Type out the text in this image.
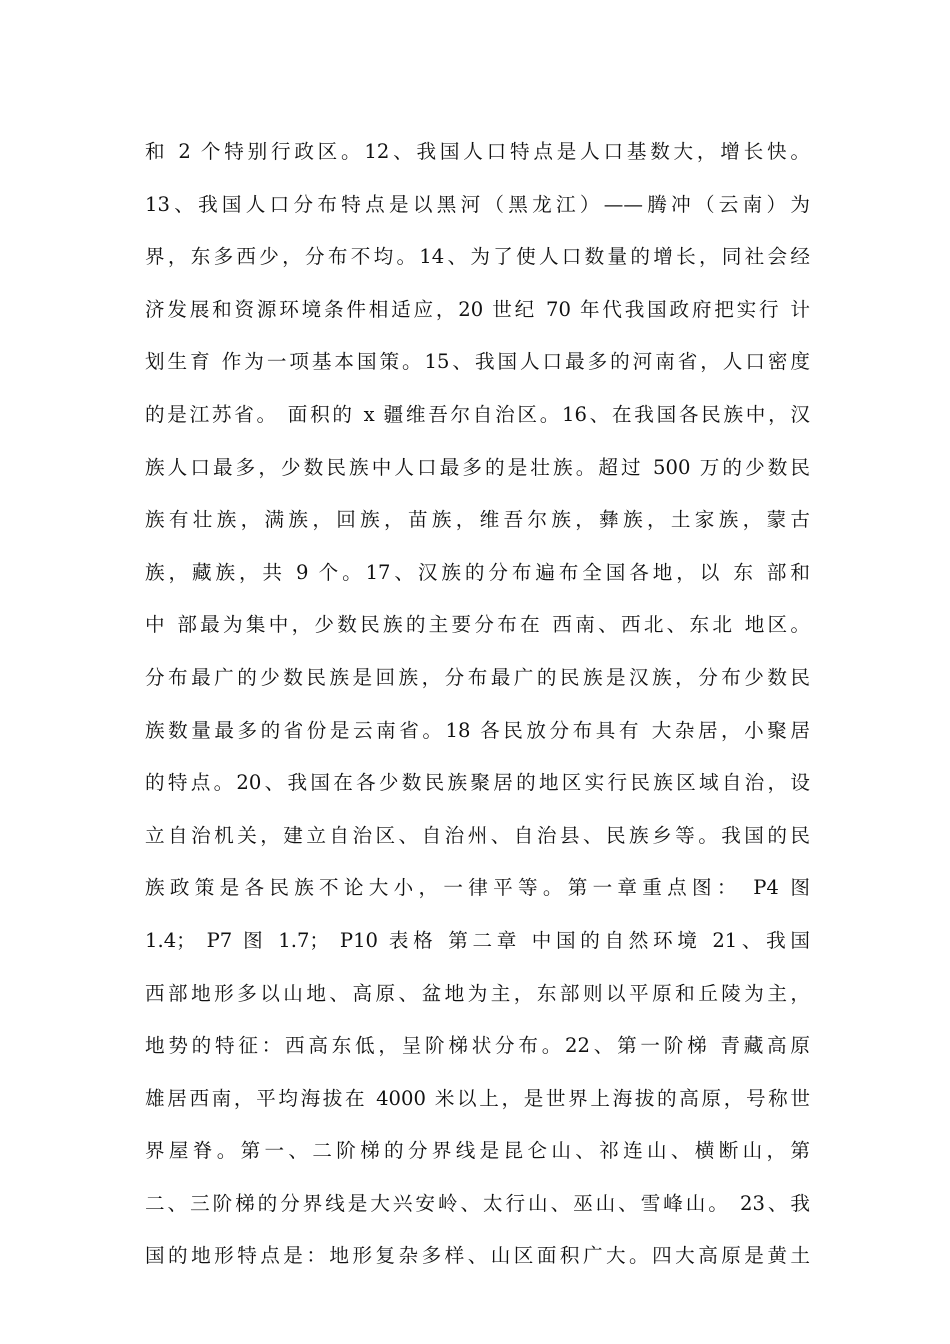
和 2 个特别行政区。12、我国人口特点是人口基数大，增长快。
13、我国人口分布特点是以黑河（黑龙江）——腾冲（云南）为
界，东多西少，分布不均。14、为了使人口数量的增长，同社会经
济发展和资源环境条件相适应，20 世纪 70 年代我国政府把实行 计
划生育 作为一项基本国策。15、我国人口最多的河南省，人口密度
的是江苏省。 面积的 x 疆维吾尔自治区。16、在我国各民族中，汉
族人口最多，少数民族中人口最多的是壮族。超过 500 万的少数民
族有壮族，满族，回族，苗族，维吾尔族，彝族，土家族，蒙古
族，藏族，共 9 个。17、汉族的分布遍布全国各地，以 东 部和
中 部最为集中，少数民族的主要分布在 西南、西北、东北 地区。
分布最广的少数民族是回族，分布最广的民族是汉族，分布少数民
族数量最多的省份是云南省。18 各民放分布具有 大杂居，小聚居
的特点。20、我国在各少数民族聚居的地区实行民族区域自治，设
立自治机关，建立自治区、自治州、自治县、民族乡等。我国的民
族政策是各民族不论大小，一律平等。第一章重点图： P4 图
1.4； P7 图 1.7； P10 表格 第二章 中国的自然环境 21、我国
西部地形多以山地、高原、盆地为主，东部则以平原和丘陵为主，
地势的特征：西高东低，呈阶梯状分布。22、第一阶梯 青藏高原
雄居西南，平均海拔在 4000 米以上，是世界上海拔的高原，号称世
界屋脊。第一、二阶梯的分界线是昆仑山、祁连山、横断山，第
二、三阶梯的分界线是大兴安岭、太行山、巫山、雪峰山。 23、我
国的地形特点是：地形复杂多样、山区面积广大。四大高原是黄土
